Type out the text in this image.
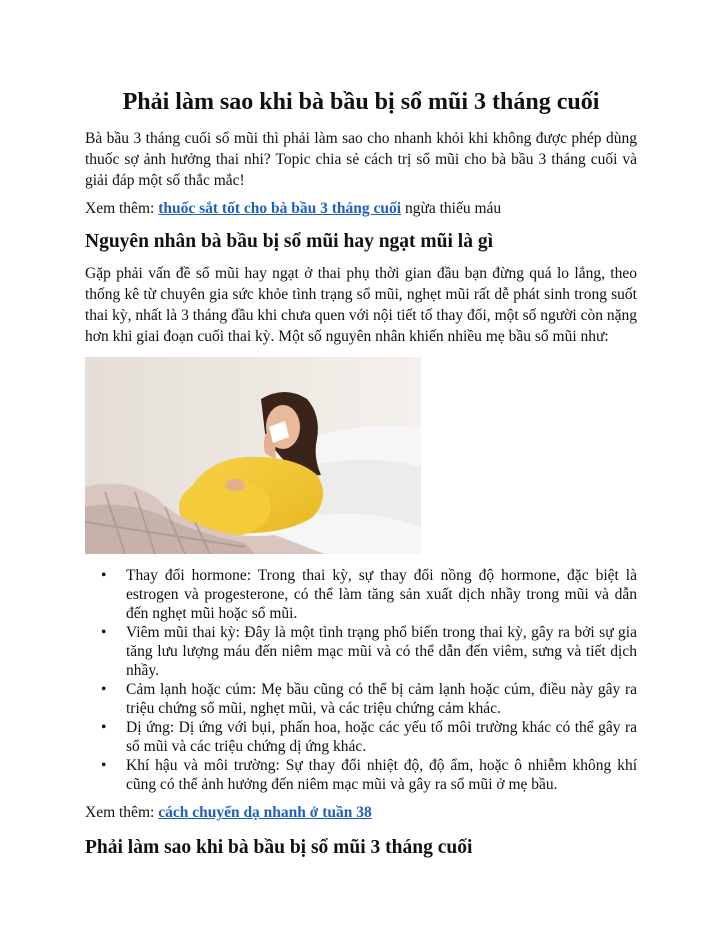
Phải làm sao khi bà bầu bị sổ mũi 3 tháng cuối

Bà bầu 3 tháng cuối sổ mũi thì phải làm sao cho nhanh khỏi khi không được phép dùng thuốc sợ ảnh hưởng thai nhi? Topic chia sẻ cách trị sổ mũi cho bà bầu 3 tháng cuối và giải đáp một số thắc mắc!

Xem thêm: thuốc sắt tốt cho bà bầu 3 tháng cuối ngừa thiếu máu

Nguyên nhân bà bầu bị sổ mũi hay ngạt mũi là gì

Gặp phải vấn đề sổ mũi hay ngạt ở thai phụ thời gian đầu bạn đừng quá lo lắng, theo thống kê từ chuyên gia sức khỏe tình trạng sổ mũi, nghẹt mũi rất dễ phát sinh trong suốt thai kỳ, nhất là 3 tháng đầu khi chưa quen với nội tiết tố thay đổi, một số người còn nặng hơn khi giai đoạn cuối thai kỳ. Một số nguyên nhân khiến nhiều mẹ bầu sổ mũi như:

• Thay đổi hormone: Trong thai kỳ, sự thay đổi nồng độ hormone, đặc biệt là estrogen và progesterone, có thể làm tăng sản xuất dịch nhầy trong mũi và dẫn đến nghẹt mũi hoặc sổ mũi.
• Viêm mũi thai kỳ: Đây là một tình trạng phổ biến trong thai kỳ, gây ra bởi sự gia tăng lưu lượng máu đến niêm mạc mũi và có thể dẫn đến viêm, sưng và tiết dịch nhầy.
• Cảm lạnh hoặc cúm: Mẹ bầu cũng có thể bị cảm lạnh hoặc cúm, điều này gây ra triệu chứng sổ mũi, nghẹt mũi, và các triệu chứng cảm khác.
• Dị ứng: Dị ứng với bụi, phấn hoa, hoặc các yếu tố môi trường khác có thể gây ra sổ mũi và các triệu chứng dị ứng khác.
• Khí hậu và môi trường: Sự thay đổi nhiệt độ, độ ẩm, hoặc ô nhiễm không khí cũng có thể ảnh hưởng đến niêm mạc mũi và gây ra sổ mũi ở mẹ bầu.

Xem thêm: cách chuyển dạ nhanh ở tuần 38

Phải làm sao khi bà bầu bị sổ mũi 3 tháng cuối
